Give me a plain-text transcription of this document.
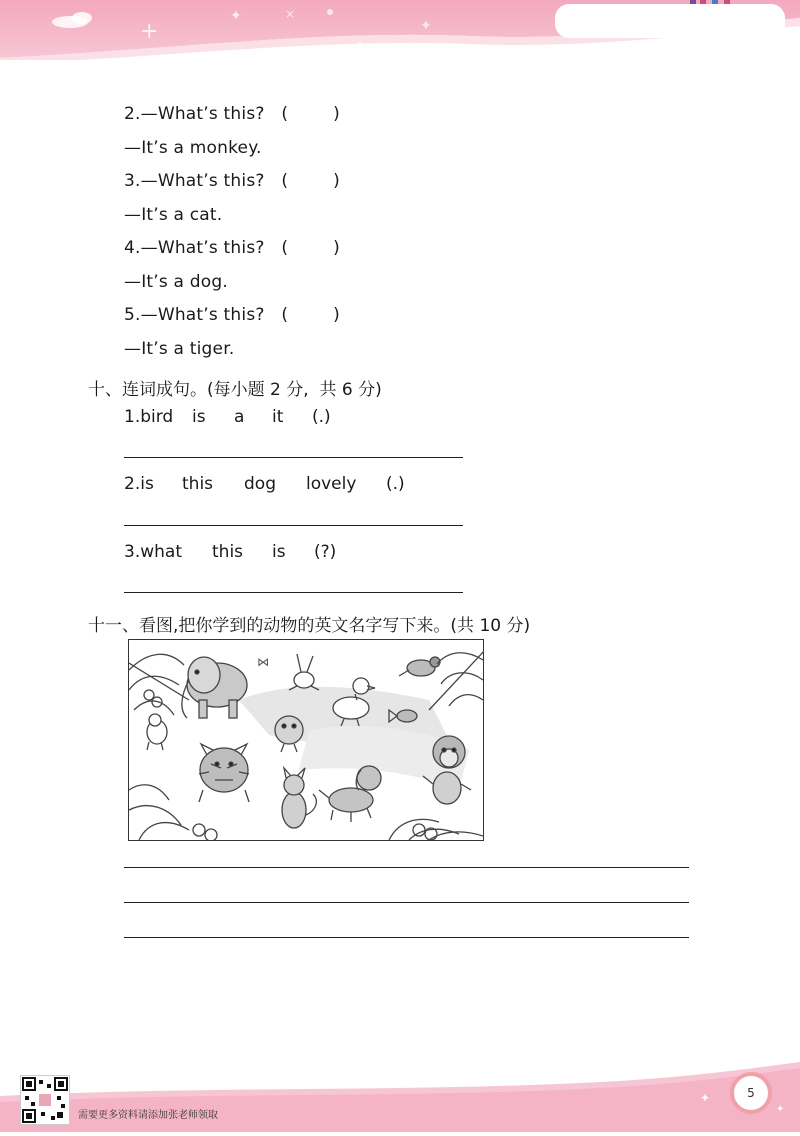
+
✦	×
✦
2.—What’s this?   (        )
—It’s a monkey.
3.—What’s this?   (        )
—It’s a cat.
4.—What’s this?   (        )
—It’s a dog.
5.—What’s this?   (        )
—It’s a tiger.
十、连词成句。(每小题 2 分,  共 6 分)
1.bird	is	a	it	(.)
2.is	this	dog	lovely	(.)
3.what	this	is	(?)
十一、看图,把你学到的动物的英文名字写下来。(共 10 分)
⋈
✦
✦
需要更多资料请添加张老师领取
5
